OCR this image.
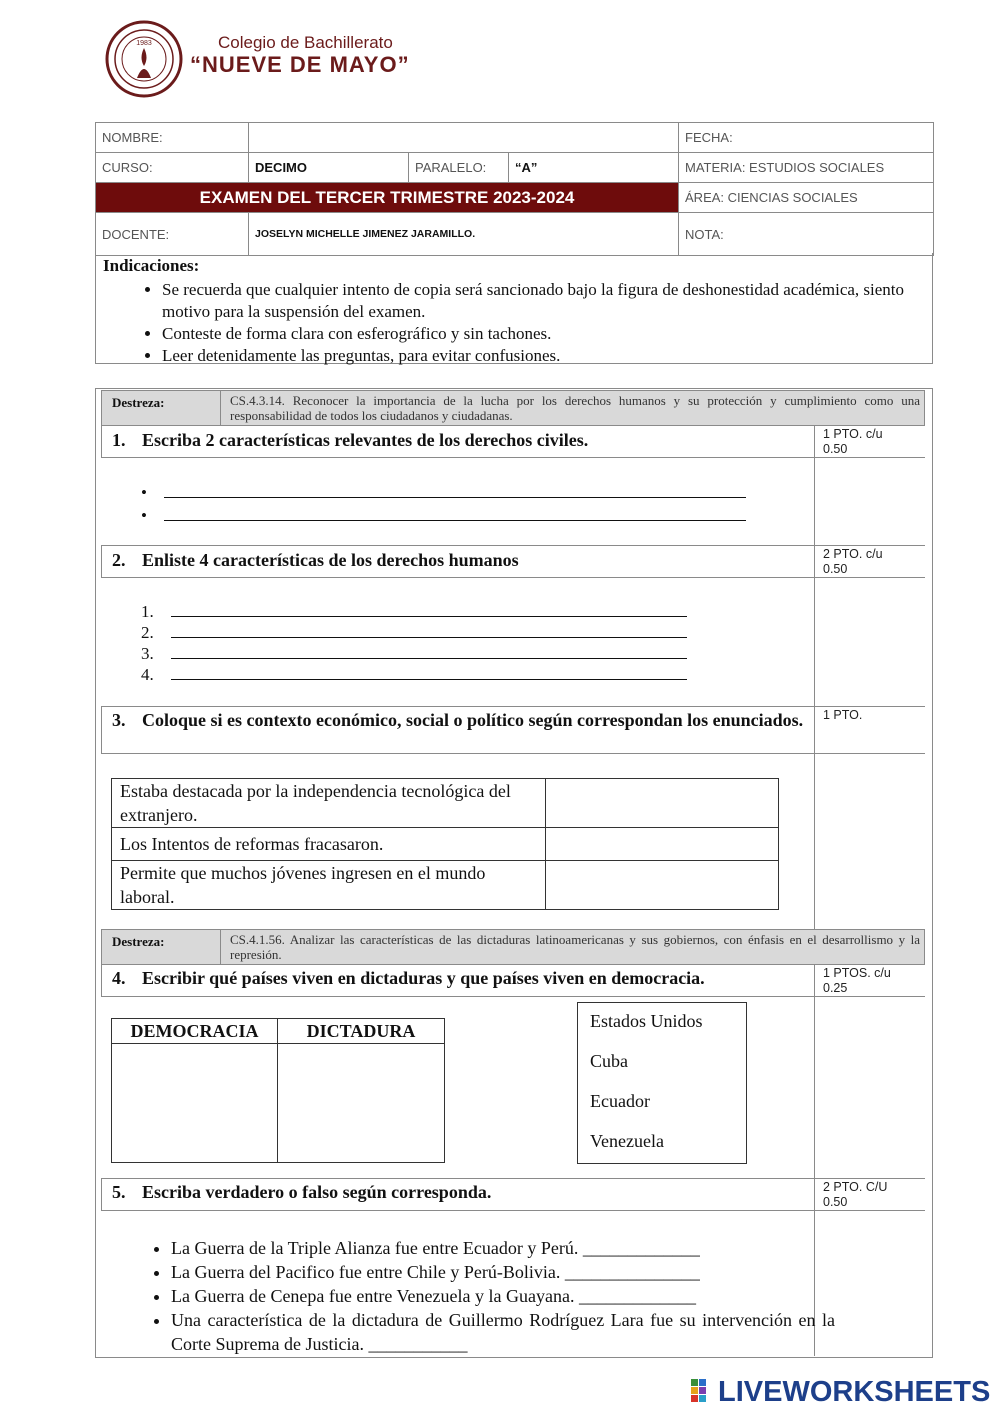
1983	Colegio de Bachillerato
“NUEVE DE MAYO”
NOMBRE:				FECHA:
CURSO:	DECIMO	PARALELO:	“A”	MATERIA: ESTUDIOS SOCIALES
EXAMEN DEL TERCER TRIMESTRE 2023-2024				ÁREA: CIENCIAS SOCIALES
DOCENTE:	JOSELYN MICHELLE JIMENEZ JARAMILLO.			NOTA:
Indicaciones:
• Se recuerda que cualquier intento de copia será sancionado bajo la figura de deshonestidad académica, siento motivo para la suspensión del examen.
• Conteste de forma clara con esferográfico y sin tachones.
• Leer detenidamente las preguntas, para evitar confusiones.
Destreza:	CS.4.3.14. Reconocer la importancia de la lucha por los derechos humanos y su protección y cumplimiento como una responsabilidad de todos los ciudadanos y ciudadanas.
1. Escriba 2 características relevantes de los derechos civiles.	1 PTO. c/u
0.50
•
•
2. Enliste 4 características de los derechos humanos	2 PTO. c/u
0.50
1.
2.
3.
4.
3. Coloque si es contexto económico, social o político según correspondan los enunciados.	1 PTO.
Estaba destacada por la independencia tecnológica del extranjero.	
Los Intentos de reformas fracasaron.	
Permite que muchos jóvenes ingresen en el mundo laboral.	
Destreza:	CS.4.1.56. Analizar las características de las dictaduras latinoamericanas y sus gobiernos, con énfasis en el desarrollismo y la represión.
4. Escribir qué países viven en dictaduras y que países viven en democracia.	1 PTOS. c/u
0.25
DEMOCRACIA	DICTADURA
		Estados Unidos
Cuba
Ecuador
Venezuela
5. Escriba verdadero o falso según corresponda.	2 PTO. C/U
0.50
• La Guerra de la Triple Alianza fue entre Ecuador y Perú. _____________
• La Guerra del Pacifico fue entre Chile y Perú-Bolivia. _______________
• La Guerra de Cenepa fue entre Venezuela y la Guayana. _____________
• Una característica de la dictadura de Guillermo Rodríguez Lara fue su intervención en la Corte Suprema de Justicia. ___________
LIVEWORKSHEETS
